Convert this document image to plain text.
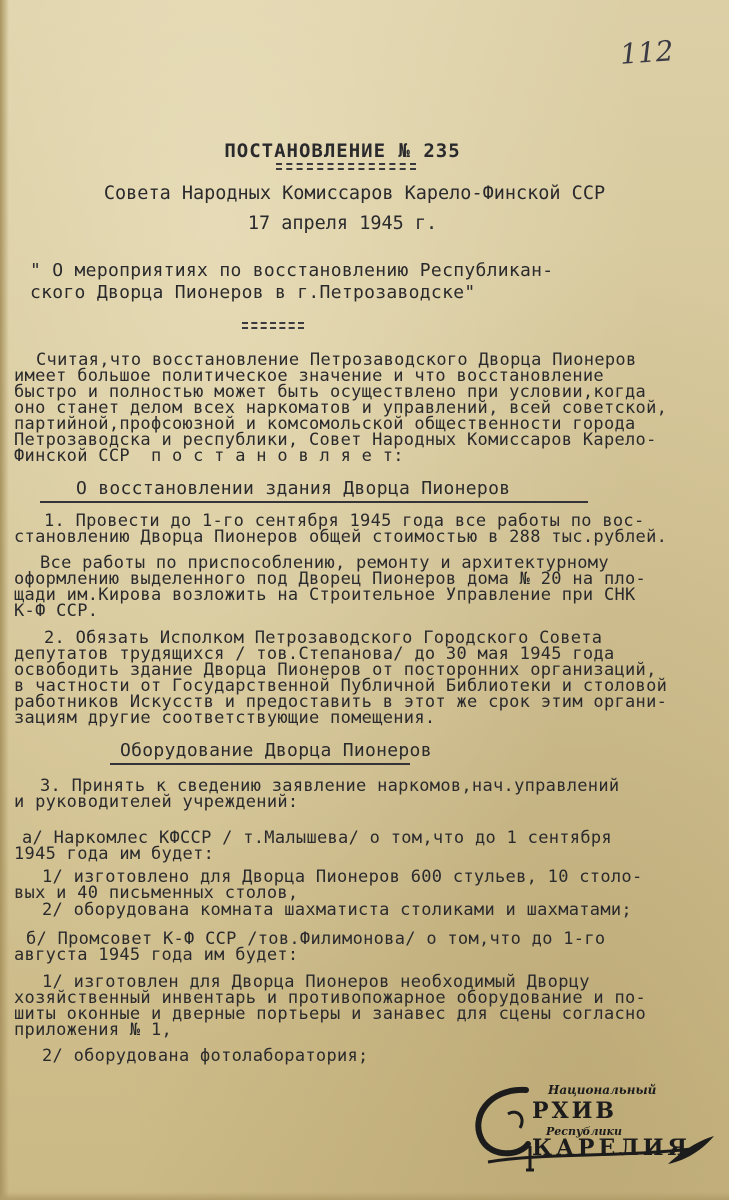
112
ПОСТАНОВЛЕНИЕ № 235
Совета Народных Комиссаров Карело-Финской ССР
17 апреля 1945 г.
" О мероприятиях по восстановлению Республикан-
ского Дворца Пионеров в г.Петрозаводске"
Считая,что восстановление Петрозаводского Дворца Пионеров
имеет большое политическое значение и что восстановление
быстро и полностью может быть осуществлено при условии,когда
оно станет делом всех наркоматов и управлений, всей советской,
партийной,профсоюзной и комсомольской общественности города
Петрозаводска и республики, Совет Народных Комиссаров Карело-
Финской ССР  п о с т а н о в л я е т:
О восстановлении здания Дворца Пионеров
1. Провести до 1-го сентября 1945 года все работы по вос-
становлению Дворца Пионеров общей стоимостью в 288 тыс.рублей.
Все работы по приспособлению, ремонту и архитектурному
оформлению выделенного под Дворец Пионеров дома № 20 на пло-
щади им.Кирова возложить на Строительное Управление при СНК
К-Ф ССР.
2. Обязать Исполком Петрозаводского Городского Совета
депутатов трудящихся / тов.Степанова/ до 30 мая 1945 года
освободить здание Дворца Пионеров от посторонних организаций,
в частности от Государственной Публичной Библиотеки и столовой
работников Искусств и предоставить в этот же срок этим органи-
зациям другие соответствующие помещения.
Оборудование Дворца Пионеров
3. Принять к сведению заявление наркомов,нач.управлений
и руководителей учреждений:
а/ Наркомлес КФССР / т.Малышева/ о том,что до 1 сентября
1945 года им будет:
1/ изготовлено для Дворца Пионеров 600 стульев, 10 столо-
вых и 40 письменных столов,
2/ оборудована комната шахматиста столиками и шахматами;
б/ Промсовет К-Ф ССР /тов.Филимонова/ о том,что до 1-го
августа 1945 года им будет:
1/ изготовлен для Дворца Пионеров необходимый Дворцу
хозяйственный инвентарь и противопожарное оборудование и по-
шиты оконные и дверные портьеры и занавес для сцены согласно
приложения № 1,
2/ оборудована фотолаборатория;
Национальный
РХИВ
Республики
КАРЕЛИЯ
